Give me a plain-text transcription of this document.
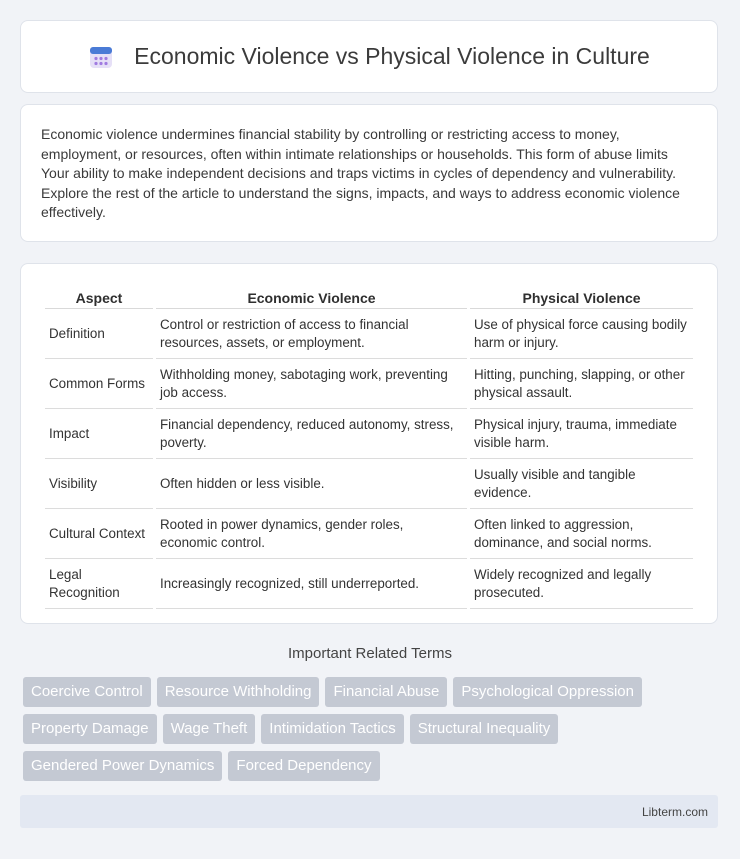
Economic Violence vs Physical Violence in Culture

Economic violence undermines financial stability by controlling or restricting access to money, employment, or resources, often within intimate relationships or households. This form of abuse limits Your ability to make independent decisions and traps victims in cycles of dependency and vulnerability. Explore the rest of the article to understand the signs, impacts, and ways to address economic violence effectively.

Aspect	Economic Violence	Physical Violence
Definition	Control or restriction of access to financial resources, assets, or employment.	Use of physical force causing bodily harm or injury.
Common Forms	Withholding money, sabotaging work, preventing job access.	Hitting, punching, slapping, or other physical assault.
Impact	Financial dependency, reduced autonomy, stress, poverty.	Physical injury, trauma, immediate visible harm.
Visibility	Often hidden or less visible.	Usually visible and tangible evidence.
Cultural Context	Rooted in power dynamics, gender roles, economic control.	Often linked to aggression, dominance, and social norms.
Legal Recognition	Increasingly recognized, still underreported.	Widely recognized and legally prosecuted.
Important Related Terms
Coercive Control	Resource Withholding	Financial Abuse	Psychological Oppression
Property Damage	Wage Theft	Intimidation Tactics	Structural Inequality
Gendered Power Dynamics	Forced Dependency
Libterm.com
